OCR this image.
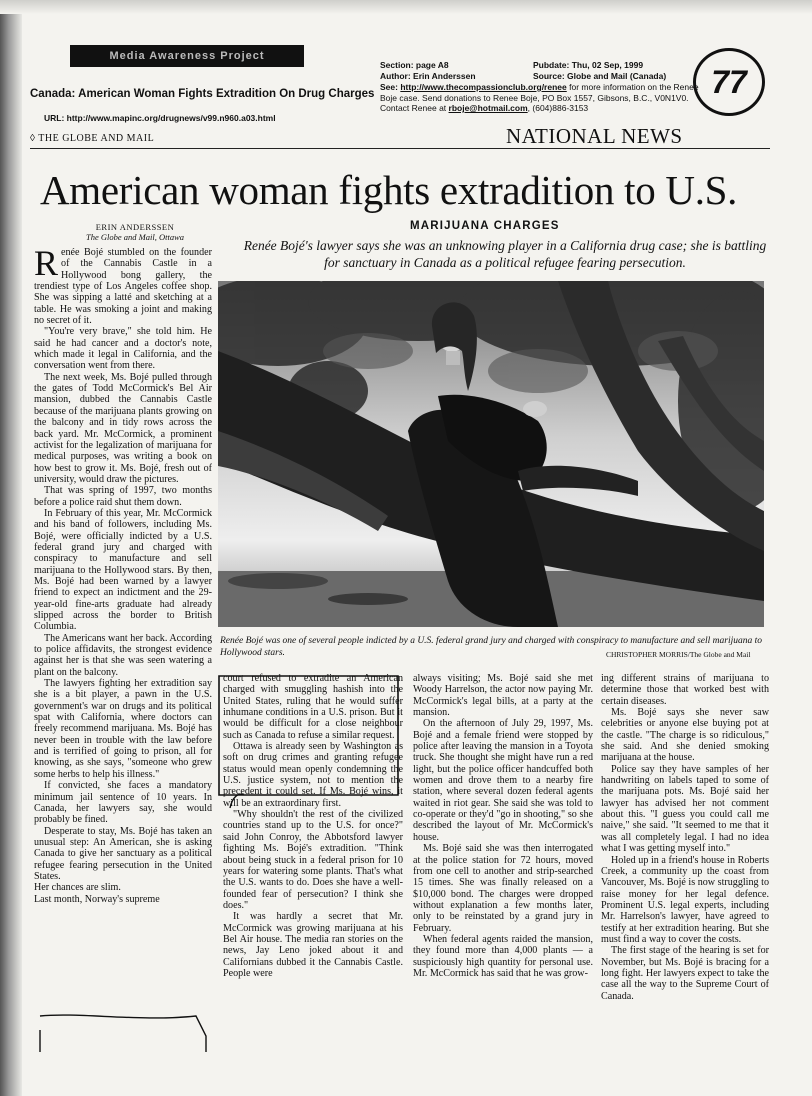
Media Awareness Project
Canada: American Woman Fights Extradition On Drug Charges
URL: http://www.mapinc.org/drugnews/v99.n960.a03.html
Section: page A8
Author: Erin Anderssen
Pubdate: Thu, 02 Sep, 1999
Source: Globe and Mail (Canada)
See: http://www.thecompassionclub.org/renee for more information on the Renee Boje case. Send donations to Renee Boje, PO Box 1557, Gibsons, B.C., V0N1V0. Contact Renee at rboje@hotmail.com, (604)886-3153
77
◊ THE GLOBE AND MAIL	NATIONAL NEWS
American woman fights extradition to U.S.
ERIN ANDERSSEN
The Globe and Mail, Ottawa
MARIJUANA CHARGES
Renée Bojé's lawyer says she was an unknowing player in a California drug case; she is battling for sanctuary in Canada as a political refugee fearing persecution.
Renée Bojé was one of several people indicted by a U.S. federal grand jury and charged with conspiracy to manufacture and sell marijuana to Hollywood stars.	CHRISTOPHER MORRIS/The Globe and Mail

Renée Bojé stumbled on the founder of the Cannabis Castle in a Hollywood bong gallery, the trendiest type of Los Angeles coffee shop. She was sipping a latté and sketching at a table. He was smoking a joint and making no secret of it.

"You're very brave," she told him. He said he had cancer and a doctor's note, which made it legal in California, and the conversation went from there.

The next week, Ms. Bojé pulled through the gates of Todd McCormick's Bel Air mansion, dubbed the Cannabis Castle because of the marijuana plants growing on the balcony and in tidy rows across the back yard. Mr. McCormick, a prominent activist for the legalization of marijuana for medical purposes, was writing a book on how best to grow it. Ms. Bojé, fresh out of university, would draw the pictures.

That was spring of 1997, two months before a police raid shut them down.

In February of this year, Mr. McCormick and his band of followers, including Ms. Bojé, were officially indicted by a U.S. federal grand jury and charged with conspiracy to manufacture and sell marijuana to the Hollywood stars. By then, Ms. Bojé had been warned by a lawyer friend to expect an indictment and the 29-year-old fine-arts graduate had already slipped across the border to British Columbia.

The Americans want her back. According to police affidavits, the strongest evidence against her is that she was seen watering a plant on the balcony.

The lawyers fighting her extradition say she is a bit player, a pawn in the U.S. government's war on drugs and its political spat with California, where doctors can freely recommend marijuana. Ms. Bojé has never been in trouble with the law before and is terrified of going to prison, all for knowing, as she says, "someone who grew some herbs to help his illness."

If convicted, she faces a mandatory minimum jail sentence of 10 years. In Canada, her lawyers say, she would probably be fined.

Desperate to stay, Ms. Bojé has taken an unusual step: An American, she is asking Canada to give her sanctuary as a political refugee fearing persecution in the United States.

Her chances are slim.

Last month, Norway's supreme

court refused to extradite an American charged with smuggling hashish into the United States, ruling that he would suffer inhumane conditions in a U.S. prison. But it would be difficult for a close neighbour such as Canada to refuse a similar request.

Ottawa is already seen by Washington as soft on drug crimes and granting refugee status would mean openly condemning the U.S. justice system, not to mention the precedent it could set. If Ms. Bojé wins, it will be an extraordinary first.

"Why shouldn't the rest of the civilized countries stand up to the U.S. for once?" said John Conroy, the Abbotsford lawyer fighting Ms. Bojé's extradition. "Think about being stuck in a federal prison for 10 years for watering some plants. That's what the U.S. wants to do. Does she have a well-founded fear of persecution? I think she does."

It was hardly a secret that Mr. McCormick was growing marijuana at his Bel Air house. The media ran stories on the news, Jay Leno joked about it and Californians dubbed it the Cannabis Castle. People were

always visiting; Ms. Bojé said she met Woody Harrelson, the actor now paying Mr. McCormick's legal bills, at a party at the mansion.

On the afternoon of July 29, 1997, Ms. Bojé and a female friend were stopped by police after leaving the mansion in a Toyota truck. She thought she might have run a red light, but the police officer handcuffed both women and drove them to a nearby fire station, where several dozen federal agents waited in riot gear. She said she was told to co-operate or they'd "go in shooting," so she described the layout of Mr. McCormick's house.

Ms. Bojé said she was then interrogated at the police station for 72 hours, moved from one cell to another and strip-searched 15 times. She was finally released on a $10,000 bond. The charges were dropped without explanation a few months later, only to be reinstated by a grand jury in February.

When federal agents raided the mansion, they found more than 4,000 plants — a suspiciously high quantity for personal use. Mr. McCormick has said that he was grow-

ing different strains of marijuana to determine those that worked best with certain diseases.

Ms. Bojé says she never saw celebrities or anyone else buying pot at the castle. "The charge is so ridiculous," she said. And she denied smoking marijuana at the house.

Police say they have samples of her handwriting on labels taped to some of the marijuana pots. Ms. Bojé said her lawyer has advised her not comment about this. "I guess you could call me naive," she said. "It seemed to me that it was all completely legal. I had no idea what I was getting myself into."

Holed up in a friend's house in Roberts Creek, a community up the coast from Vancouver, Ms. Bojé is now struggling to raise money for her legal defence. Prominent U.S. legal experts, including Mr. Harrelson's lawyer, have agreed to testify at her extradition hearing. But she must find a way to cover the costs.

The first stage of the hearing is set for November, but Ms. Bojé is bracing for a long fight. Her lawyers expect to take the case all the way to the Supreme Court of Canada.
